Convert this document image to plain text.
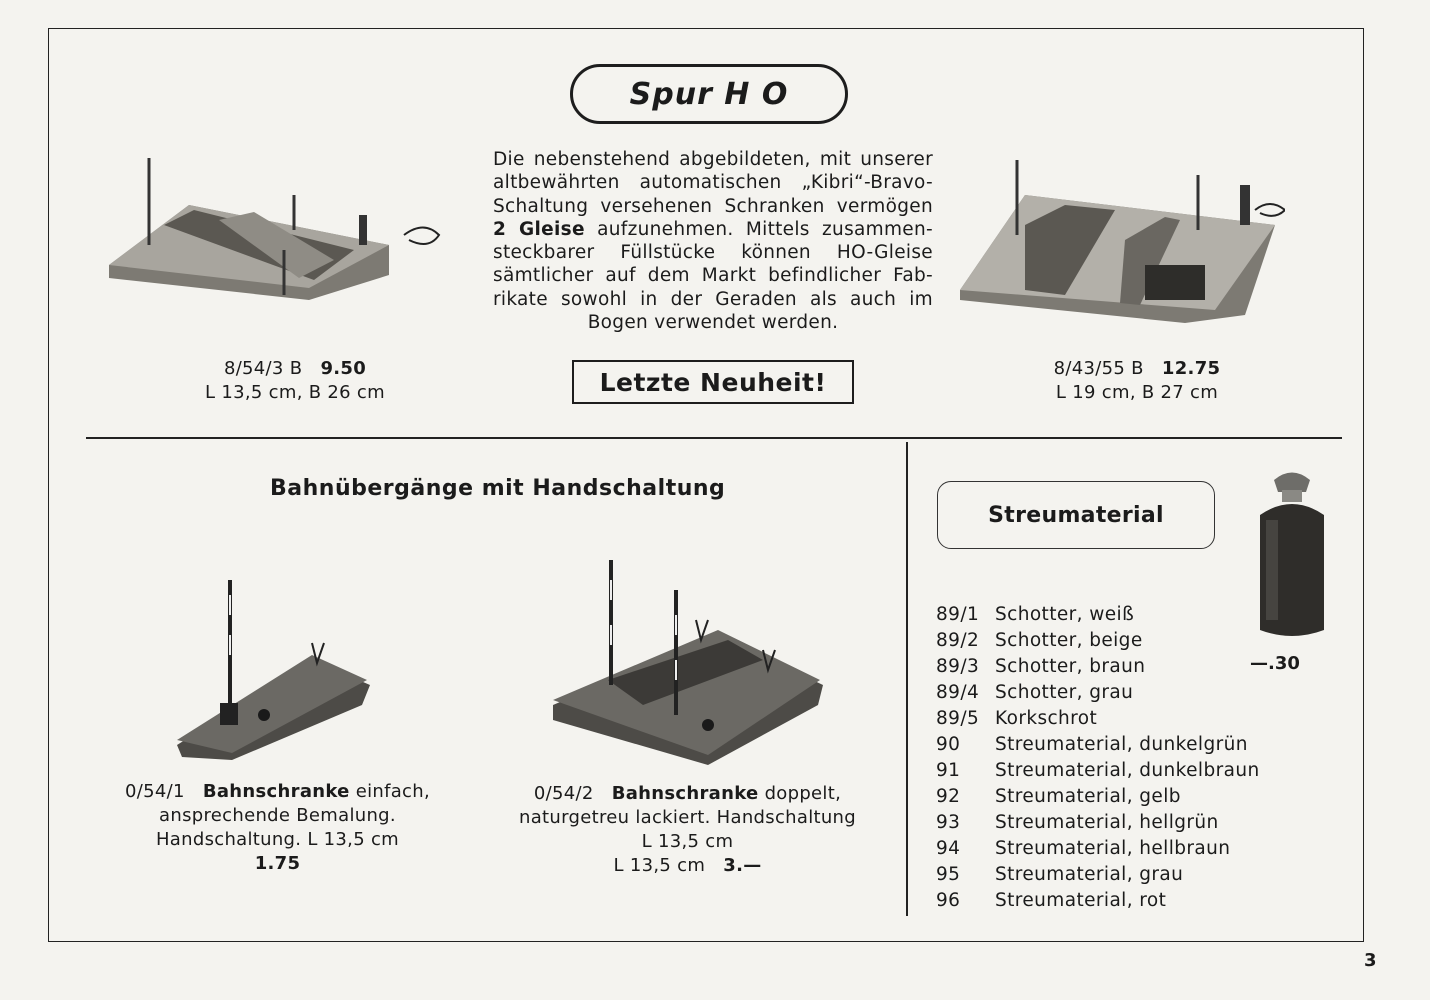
Spur H O
Die nebenstehend abgebildeten, mit unserer
altbewährten automatischen „Kibri“-Bravo-
Schaltung versehenen Schranken vermögen
2 Gleise aufzunehmen. Mittels zusammen-
steckbarer Füllstücke können HO-Gleise
sämtlicher auf dem Markt befindlicher Fab-
rikate sowohl in der Geraden als auch im
Bogen verwendet werden.
Letzte Neuheit!
8/54/3 B 9.50
L 13,5 cm, B 26 cm
8/43/55 B 12.75
L 19 cm, B 27 cm
Bahnübergänge mit Handschaltung
0/54/1 Bahnschranke einfach,
ansprechende Bemalung.
Handschaltung. L 13,5 cm
1.75
0/54/2 Bahnschranke doppelt,
naturgetreu lackiert. Handschaltung
L 13,5 cm
L 13,5 cm 3.—
Streumaterial
—.30
89/1 Schotter, weiß
89/2 Schotter, beige
89/3 Schotter, braun
89/4 Schotter, grau
89/5 Korkschrot
90 Streumaterial, dunkelgrün
91 Streumaterial, dunkelbraun
92 Streumaterial, gelb
93 Streumaterial, hellgrün
94 Streumaterial, hellbraun
95 Streumaterial, grau
96 Streumaterial, rot
3
